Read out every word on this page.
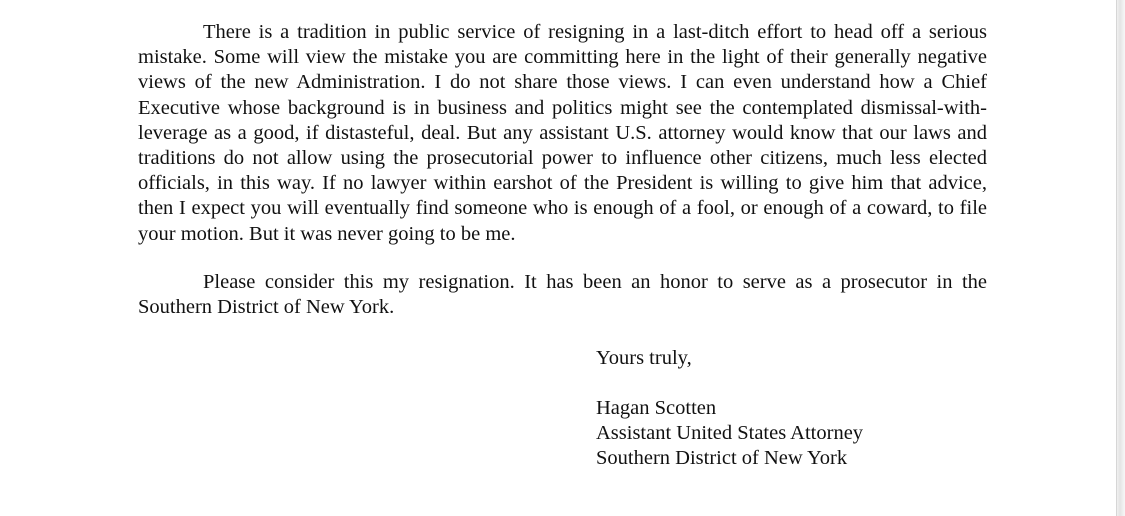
There is a tradition in public service of resigning in a last-ditch effort to head off a serious mistake. Some will view the mistake you are committing here in the light of their generally negative views of the new Administration. I do not share those views. I can even understand how a Chief Executive whose background is in business and politics might see the contemplated dismissal-with-leverage as a good, if distasteful, deal. But any assistant U.S. attorney would know that our laws and traditions do not allow using the prosecutorial power to influence other citizens, much less elected officials, in this way. If no lawyer within earshot of the President is willing to give him that advice, then I expect you will eventually find someone who is enough of a fool, or enough of a coward, to file your motion. But it was never going to be me.

Please consider this my resignation. It has been an honor to serve as a prosecutor in the Southern District of New York.

Yours truly,

Hagan Scotten
Assistant United States Attorney
Southern District of New York
